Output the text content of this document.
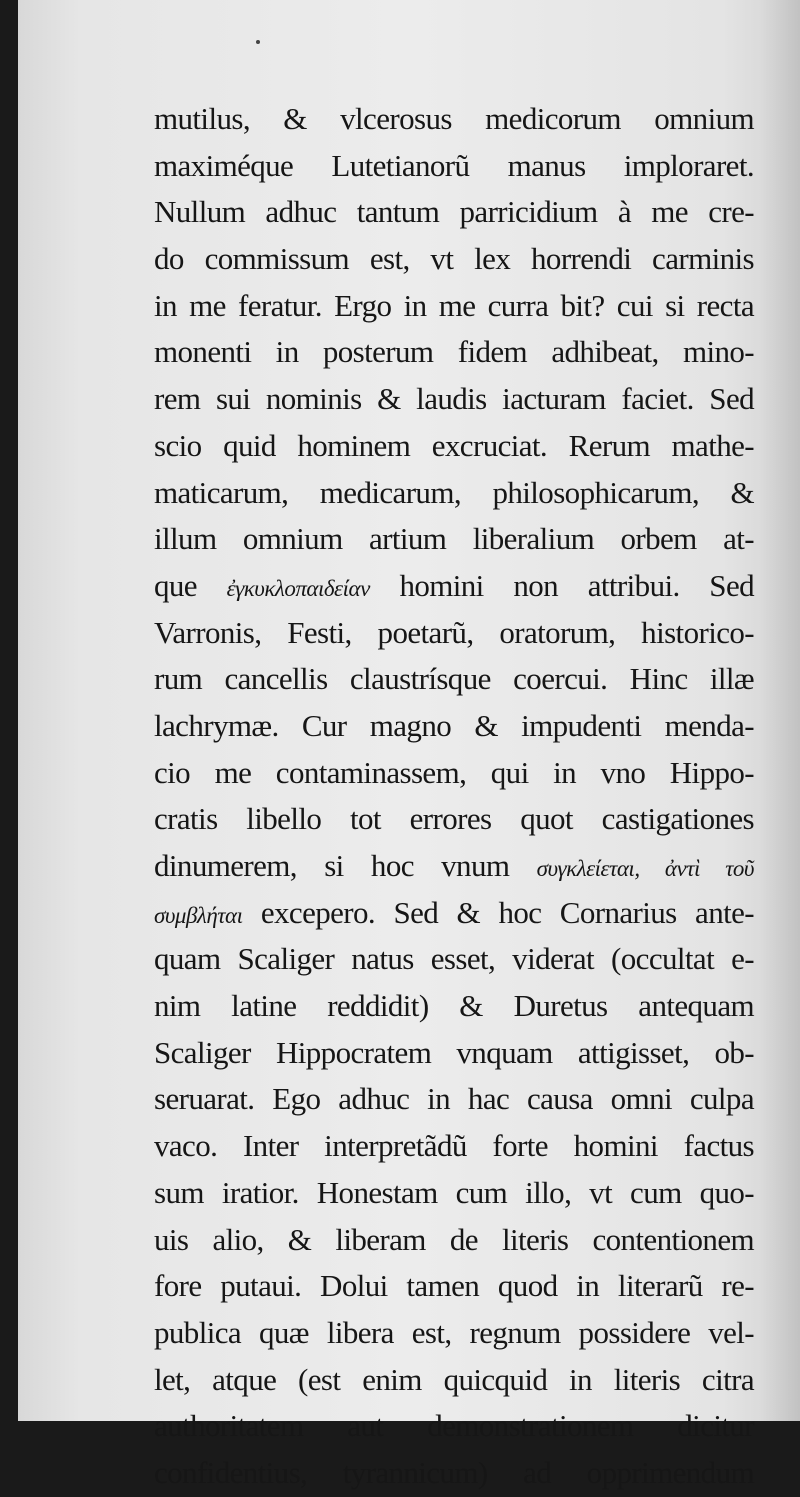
mutilus, & vlcerosus medicorum omnium
maximéque Lutetianorũ manus imploraret.
Nullum adhuc tantum parricidium à me cre-
do commissum est, vt lex horrendi carminis
in me feratur. Ergo in me curra bit? cui si recta
monenti in posterum fidem adhibeat, mino-
rem sui nominis & laudis iacturam faciet. Sed
scio quid hominem excruciat. Rerum mathe-
maticarum, medicarum, philosophicarum, &
illum omnium artium liberalium orbem at-
que ἐγκυκλοπαιδείαν homini non attribui. Sed
Varronis, Festi, poetarũ, oratorum, historico-
rum cancellis claustrísque coercui. Hinc illæ
lachrymæ. Cur magno & impudenti menda-
cio me contaminassem, qui in vno Hippo-
cratis libello tot errores quot castigationes
dinumerem, si hoc vnum συγκλείεται, ἀντὶ τοῦ
συμβλήται excepero. Sed & hoc Cornarius ante-
quam Scaliger natus esset, viderat (occultat e-
nim latine reddidit) & Duretus antequam
Scaliger Hippocratem vnquam attigisset, ob-
seruarat. Ego adhuc in hac causa omni culpa
vaco. Inter interpretãdũ forte homini factus
sum iratior. Honestam cum illo, vt cum quo-
uis alio, & liberam de literis contentionem
fore putaui. Dolui tamen quod in literarũ re-
publica quæ libera est, regnum possidere vel-
let, atque (est enim quicquid in literis citra
authoritatem aut demonstrationem dicitur
confidentius, tyrannicum) ad opprimendum
